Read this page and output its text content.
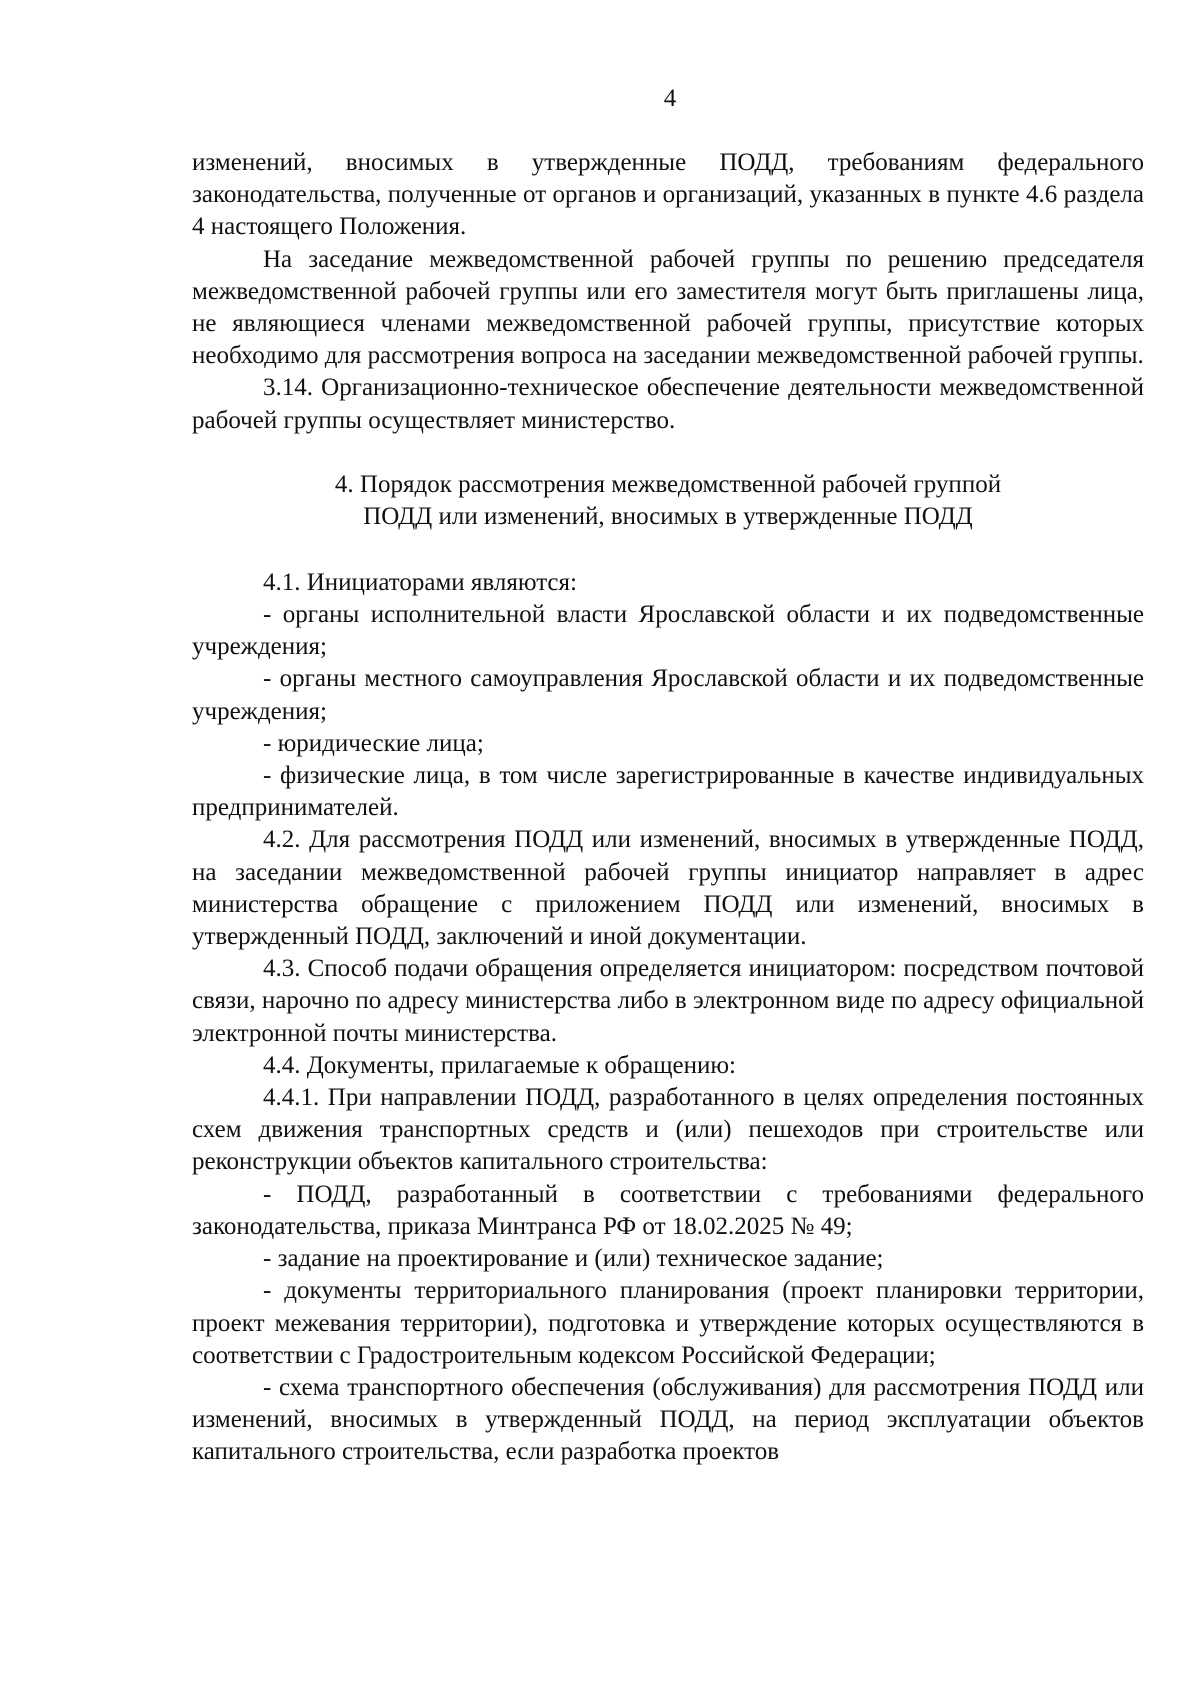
4

изменений, вносимых в утвержденные ПОДД, требованиям федерального законодательства, полученные от органов и организаций, указанных в пункте 4.6 раздела 4 настоящего Положения.

На заседание межведомственной рабочей группы по решению председателя межведомственной рабочей группы или его заместителя могут быть приглашены лица, не являющиеся членами межведомственной рабочей группы, присутствие которых необходимо для рассмотрения вопроса на заседании межведомственной рабочей группы.

3.14. Организационно-техническое обеспечение деятельности межведомственной рабочей группы осуществляет министерство.

4. Порядок рассмотрения межведомственной рабочей группой
ПОДД или изменений, вносимых в утвержденные ПОДД

4.1. Инициаторами являются:

- органы исполнительной власти Ярославской области и их подведомственные учреждения;

- органы местного самоуправления Ярославской области и их подведомственные учреждения;

- юридические лица;

- физические лица, в том числе зарегистрированные в качестве индивидуальных предпринимателей.

4.2. Для рассмотрения ПОДД или изменений, вносимых в утвержденные ПОДД, на заседании межведомственной рабочей группы инициатор направляет в адрес министерства обращение с приложением ПОДД или изменений, вносимых в утвержденный ПОДД, заключений и иной документации.

4.3. Способ подачи обращения определяется инициатором: посредством почтовой связи, нарочно по адресу министерства либо в электронном виде по адресу официальной электронной почты министерства.

4.4. Документы, прилагаемые к обращению:

4.4.1. При направлении ПОДД, разработанного в целях определения постоянных схем движения транспортных средств и (или) пешеходов при строительстве или реконструкции объектов капитального строительства:

- ПОДД, разработанный в соответствии с требованиями федерального законодательства, приказа Минтранса РФ от 18.02.2025 № 49;

- задание на проектирование и (или) техническое задание;

- документы территориального планирования (проект планировки территории, проект межевания территории), подготовка и утверждение которых осуществляются в соответствии с Градостроительным кодексом Российской Федерации;

- схема транспортного обеспечения (обслуживания) для рассмотрения ПОДД или изменений, вносимых в утвержденный ПОДД, на период эксплуатации объектов капитального строительства, если разработка проектов
